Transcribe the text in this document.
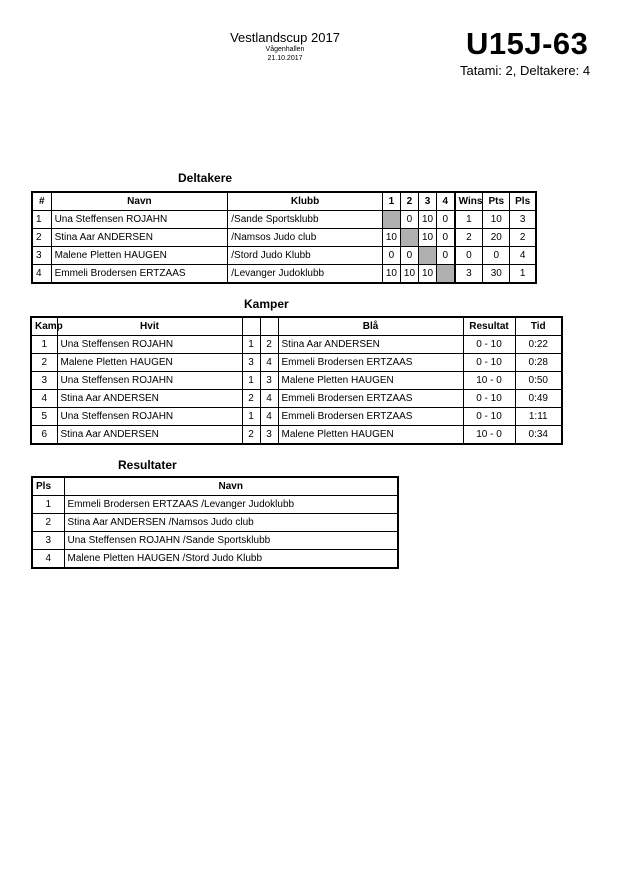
Vestlandscup 2017
Vågenhallen
21.10.2017	U15J-63
Tatami: 2, Deltakere: 4
Deltakere
#	Navn	Klubb	1	2	3	4	Wins	Pts	Pls
1	Una Steffensen ROJAHN	/Sande Sportsklubb		0	10	0	1	10	3
2	Stina Aar ANDERSEN	/Namsos Judo club	10		10	0	2	20	2
3	Malene Pletten HAUGEN	/Stord Judo Klubb	0	0		0	0	0	4
4	Emmeli Brodersen ERTZAAS	/Levanger Judoklubb	10	10	10		3	30	1
Kamper
Kamp	Hvit			Blå	Resultat	Tid
1	Una Steffensen ROJAHN	1	2	Stina Aar ANDERSEN	0 - 10	0:22
2	Malene Pletten HAUGEN	3	4	Emmeli Brodersen ERTZAAS	0 - 10	0:28
3	Una Steffensen ROJAHN	1	3	Malene Pletten HAUGEN	10 - 0	0:50
4	Stina Aar ANDERSEN	2	4	Emmeli Brodersen ERTZAAS	0 - 10	0:49
5	Una Steffensen ROJAHN	1	4	Emmeli Brodersen ERTZAAS	0 - 10	1:11
6	Stina Aar ANDERSEN	2	3	Malene Pletten HAUGEN	10 - 0	0:34
Resultater
Pls	Navn
1	Emmeli Brodersen ERTZAAS /Levanger Judoklubb
2	Stina Aar ANDERSEN /Namsos Judo club
3	Una Steffensen ROJAHN /Sande Sportsklubb
4	Malene Pletten HAUGEN /Stord Judo Klubb
